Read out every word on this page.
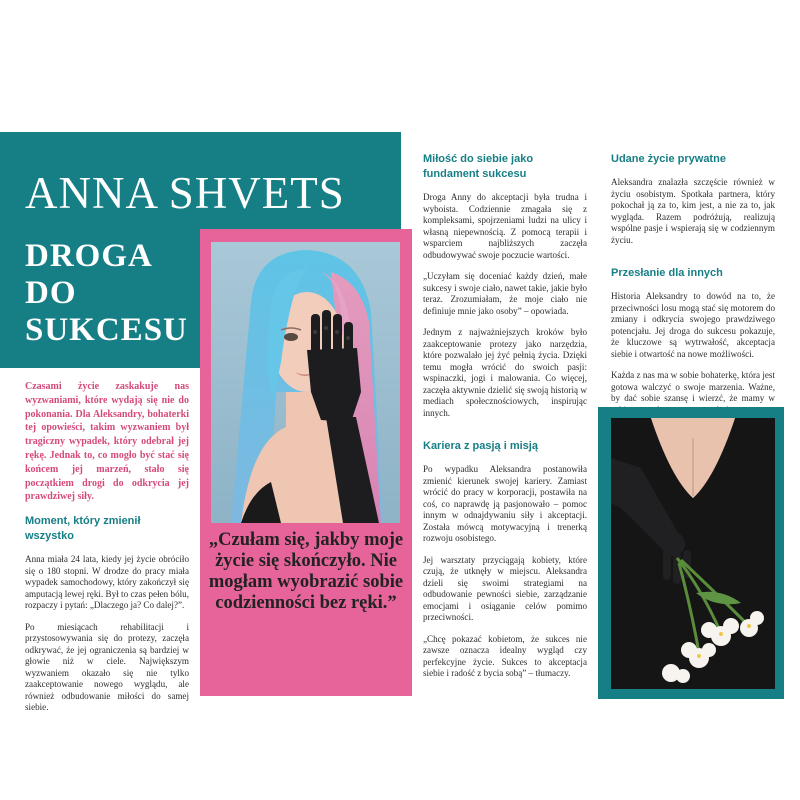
ANNA SHVETS
DROGA
DO
SUKCESU
„Czułam się, jakby moje życie się skończyło. Nie mogłam wyobrazić sobie codzienności bez ręki.”

Czasami życie zaskakuje nas wyzwaniami, które wydają się nie do pokonania. Dla Aleksandry, bohaterki tej opowieści, takim wyzwaniem był tragiczny wypadek, który odebrał jej rękę. Jednak to, co mogło być stać się końcem jej marzeń, stało się początkiem drogi do odkrycia jej prawdziwej siły.

Moment, który zmienił wszystko

Anna miała 24 lata, kiedy jej życie obróciło się o 180 stopni. W drodze do pracy miała wypadek samochodowy, który zakończył się amputacją lewej ręki. Był to czas pełen bólu, rozpaczy i pytań: „Dlaczego ja? Co dalej?”.

Po miesiącach rehabilitacji i przystosowywania się do protezy, zaczęła odkrywać, że jej ograniczenia są bardziej w głowie niż w ciele. Największym wyzwaniem okazało się nie tylko zaakceptowanie nowego wyglądu, ale również odbudowanie miłości do samej siebie.

Miłość do siebie jako fundament sukcesu

Droga Anny do akceptacji była trudna i wyboista. Codziennie zmagała się z kompleksami, spojrzeniami ludzi na ulicy i własną niepewnością. Z pomocą terapii i wsparciem najbliższych zaczęła odbudowywać swoje poczucie wartości.

„Uczyłam się doceniać każdy dzień, małe sukcesy i swoje ciało, nawet takie, jakie było teraz. Zrozumiałam, że moje ciało nie definiuje mnie jako osoby” – opowiada.

Jednym z najważniejszych kroków było zaakceptowanie protezy jako narzędzia, które pozwalało jej żyć pełnią życia. Dzięki temu mogła wrócić do swoich pasji: wspinaczki, jogi i malowania. Co więcej, zaczęła aktywnie dzielić się swoją historią w mediach społecznościowych, inspirując innych.

Kariera z pasją i misją

Po wypadku Aleksandra postanowiła zmienić kierunek swojej kariery. Zamiast wrócić do pracy w korporacji, postawiła na coś, co naprawdę ją pasjonowało – pomoc innym w odnajdywaniu siły i akceptacji. Została mówcą motywacyjną i trenerką rozwoju osobistego.

Jej warsztaty przyciągają kobiety, które czują, że utknęły w miejscu. Aleksandra dzieli się swoimi strategiami na odbudowanie pewności siebie, zarządzanie emocjami i osiąganie celów pomimo przeciwności.

„Chcę pokazać kobietom, że sukces nie zawsze oznacza idealny wygląd czy perfekcyjne życie. Sukces to akceptacja siebie i radość z bycia sobą” – tłumaczy.

Udane życie prywatne

Aleksandra znalazła szczęście również w życiu osobistym. Spotkała partnera, który pokochał ją za to, kim jest, a nie za to, jak wygląda. Razem podróżują, realizują wspólne pasje i wspierają się w codziennym życiu.

Przesłanie dla innych

Historia Aleksandry to dowód na to, że przeciwności losu mogą stać się motorem do zmiany i odkrycia swojego prawdziwego potencjału. Jej droga do sukcesu pokazuje, że kluczowe są wytrwałość, akceptacja siebie i otwartość na nowe możliwości.

Każda z nas ma w sobie bohaterkę, która jest gotowa walczyć o swoje marzenia. Ważne, by dać sobie szansę i wierzć, że mamy w
